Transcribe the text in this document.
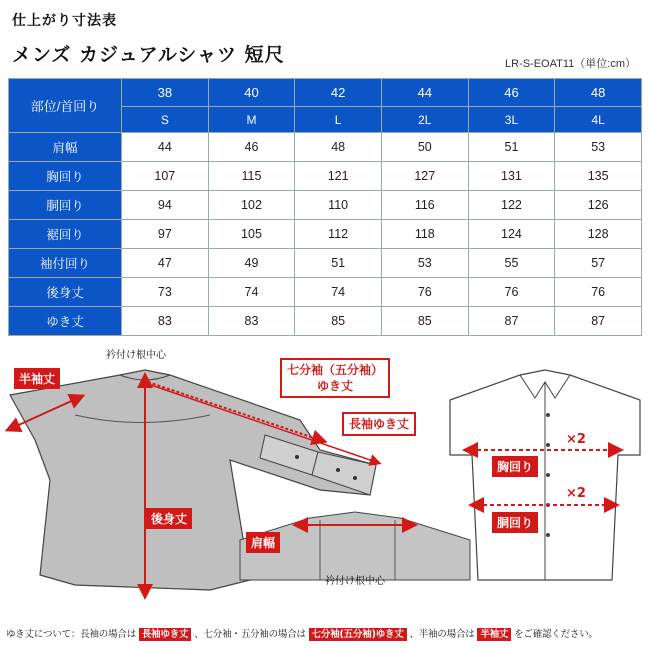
仕上がり寸法表
メンズ カジュアルシャツ 短尺	LR-S-EOAT11（単位:cm）
部位/首回り	38	40	42	44	46	48
	S	M	L	2L	3L	4L
肩幅	44	46	48	50	51	53
胸回り	107	115	121	127	131	135
胴回り	94	102	110	116	122	126
裾回り	97	105	112	118	124	128
袖付回り	47	49	51	53	55	57
後身丈	73	74	74	76	76	76
ゆき丈	83	83	85	85	87	87
衿付け根中心
衿付け根中心
半袖丈
七分袖（五分袖）
ゆき丈
長袖ゆき丈
後身丈
肩幅
胸回り
胴回り
×2
×2
ゆき丈について：長袖の場合は 長袖ゆき丈 、七分袖・五分袖の場合は 七分袖(五分袖)ゆき丈 、半袖の場合は 半袖丈 をご確認ください。
